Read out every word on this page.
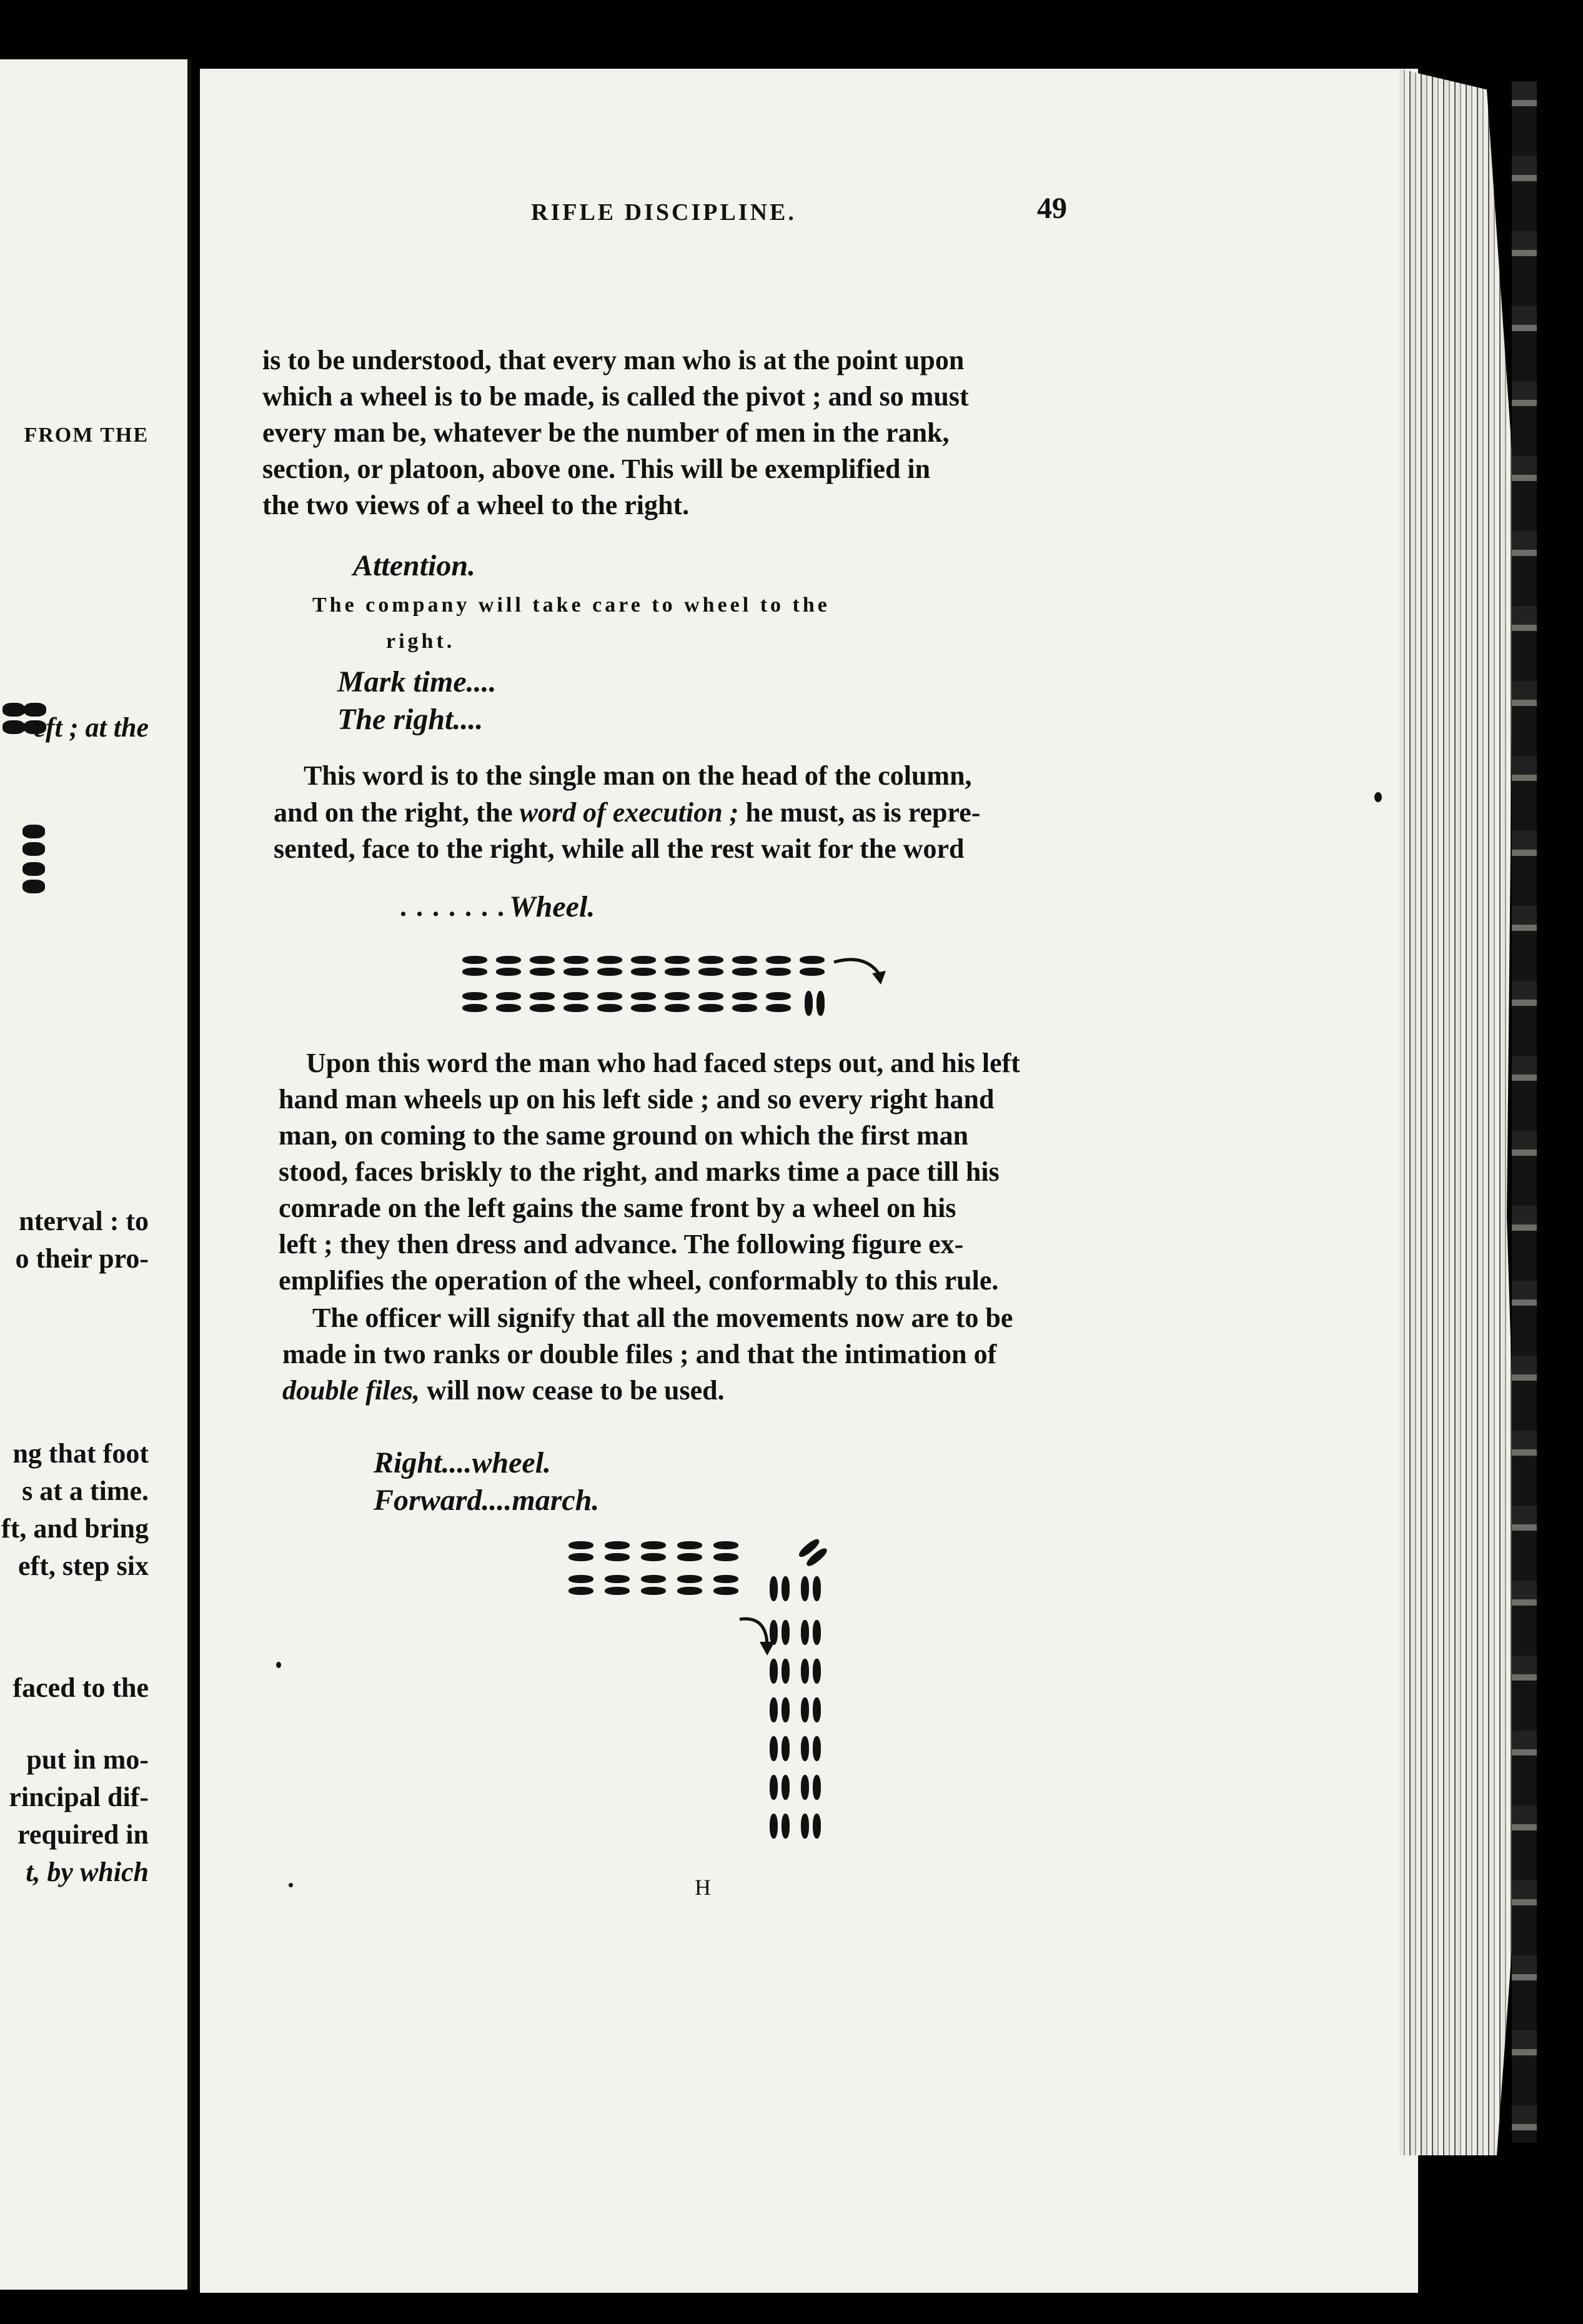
FROM THE
eft ; at the
nterval : to
o their pro-
ng that foot
s at a time.
ft, and bring
eft, step six
faced to the
put in mo-
rincipal dif-
required in
t, by which
RIFLE DISCIPLINE.	49
is to be understood, that every man who is at the point upon
which a wheel is to be made, is called the pivot ; and so must
every man be, whatever be the number of men in the rank,
section, or platoon, above one. This will be exemplified in
the two views of a wheel to the right.
Attention.
The company will take care to wheel to the
right.
Mark time....
The right....
This word is to the single man on the head of the column,
and on the right, the word of execution ; he must, as is repre-
sented, face to the right, while all the rest wait for the word
. . . . . . . Wheel.
Upon this word the man who had faced steps out, and his left
hand man wheels up on his left side ; and so every right hand
man, on coming to the same ground on which the first man
stood, faces briskly to the right, and marks time a pace till his
comrade on the left gains the same front by a wheel on his
left ; they then dress and advance. The following figure ex-
emplifies the operation of the wheel, conformably to this rule.
The officer will signify that all the movements now are to be
made in two ranks or double files ; and that the intimation of
double files, will now cease to be used.
Right....wheel.
Forward....march.
H
